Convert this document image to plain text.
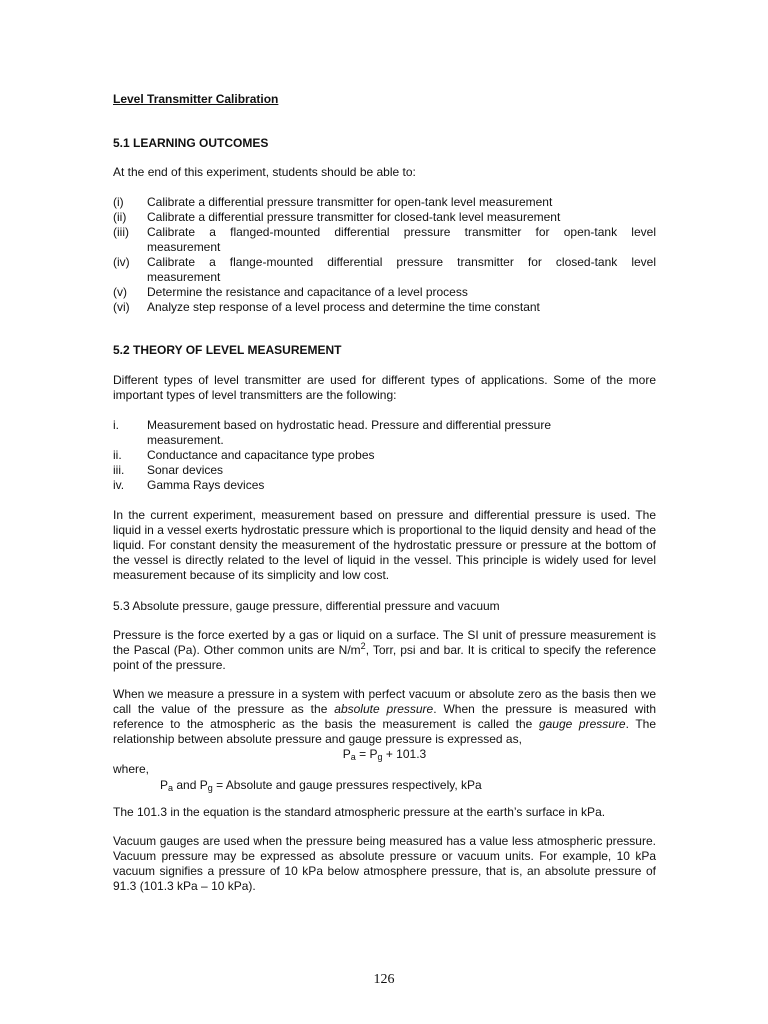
Level Transmitter Calibration
5.1 LEARNING OUTCOMES
At the end of this experiment, students should be able to:
(i)	Calibrate a differential pressure transmitter for open-tank level measurement
(ii)	Calibrate a differential pressure transmitter for closed-tank level measurement
(iii)	Calibrate  a  flanged-mounted  differential  pressure  transmitter  for  open-tank  level
measurement
(iv)	Calibrate  a  flange-mounted  differential  pressure  transmitter  for  closed-tank  level
measurement
(v)	Determine the resistance and capacitance of a level process
(vi)	Analyze step response of a level process and determine the time constant
5.2 THEORY OF LEVEL MEASUREMENT
Different types of level transmitter are used for different types of applications. Some of the more important types of level transmitters are the following:
i.	Measurement based on hydrostatic head. Pressure and differential pressure measurement.
ii.	Conductance and capacitance type probes
iii.	Sonar devices
iv.	Gamma Rays devices
In the current experiment, measurement based on pressure and differential pressure is used. The liquid in a vessel exerts hydrostatic pressure which is proportional to the liquid density and head of the liquid. For constant density the measurement of the hydrostatic pressure or pressure at the bottom of the vessel is directly related to the level of liquid in the vessel. This principle is widely used for level measurement because of its simplicity and low cost.
5.3 Absolute pressure, gauge pressure, differential pressure and vacuum
Pressure is the force exerted by a gas or liquid on a surface. The SI unit of pressure measurement is the Pascal (Pa). Other common units are $N/m^2$, Torr, psi and bar. It is critical to specify the reference point of the pressure.
When we measure a pressure in a system with perfect vacuum or absolute zero as the basis then we call the value of the pressure as the absolute pressure. When the pressure is measured with reference to the atmospheric as the basis the measurement is called the gauge pressure. The relationship between absolute pressure and gauge pressure is expressed as,
$P_a = P_g + 101.3$
where,
$P_a$ and $P_g$ = Absolute and gauge pressures respectively, kPa
The 101.3 in the equation is the standard atmospheric pressure at the earth’s surface in kPa.
Vacuum gauges are used when the pressure being measured has a value less atmospheric pressure. Vacuum pressure may be expressed as absolute pressure or vacuum units. For example, 10 kPa vacuum signifies a pressure of 10 kPa below atmosphere pressure, that is, an absolute pressure of 91.3 (101.3 kPa – 10 kPa).
126
